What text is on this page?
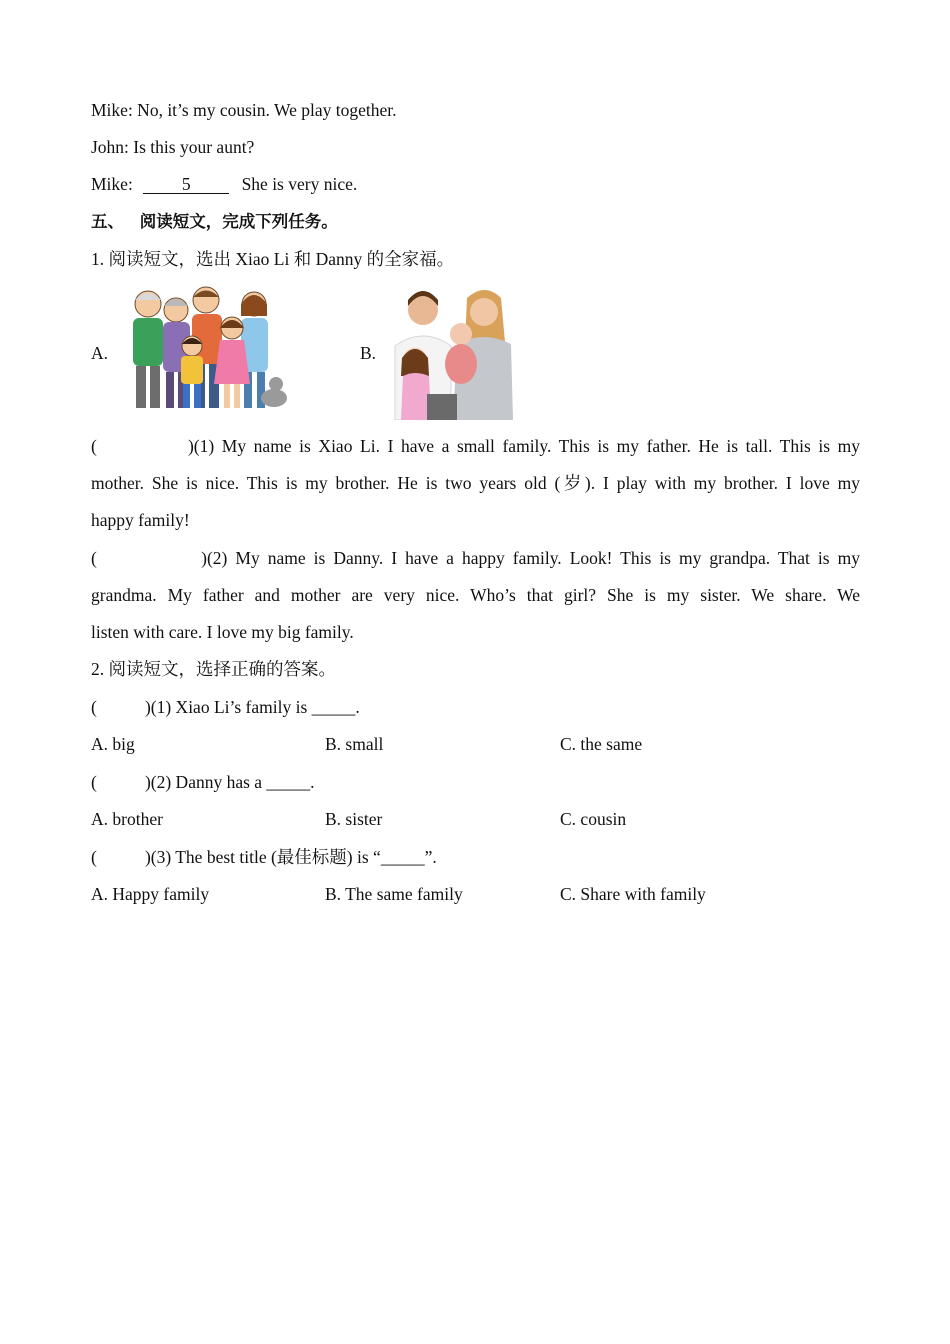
Mike: No, it’s my cousin. We play together.
John: Is this your aunt?
Mike:	5	She is very nice.
五、 阅读短文，完成下列任务。
1. 阅读短文，选出 Xiao Li 和 Danny 的全家福。
A.	B.
(            )(1) My name is Xiao Li. I have a small family. This is my father. He is tall. This is my
mother. She is nice. This is my brother. He is two years old (岁). I play with my brother. I love my
happy family!
(             )(2) My name is Danny. I have a happy family. Look! This is my grandpa. That is my
grandma. My father and mother are very nice. Who’s that girl? She is my sister. We share. We
listen with care. I love my big family.
2. 阅读短文，选择正确的答案。
(           )(1) Xiao Li’s family is _____.
A. big	B. small	C. the same
(           )(2) Danny has a _____.
A. brother	B. sister	C. cousin
(           )(3) The best title (最佳标题) is “_____”.
A. Happy family	B. The same family	C. Share with family
